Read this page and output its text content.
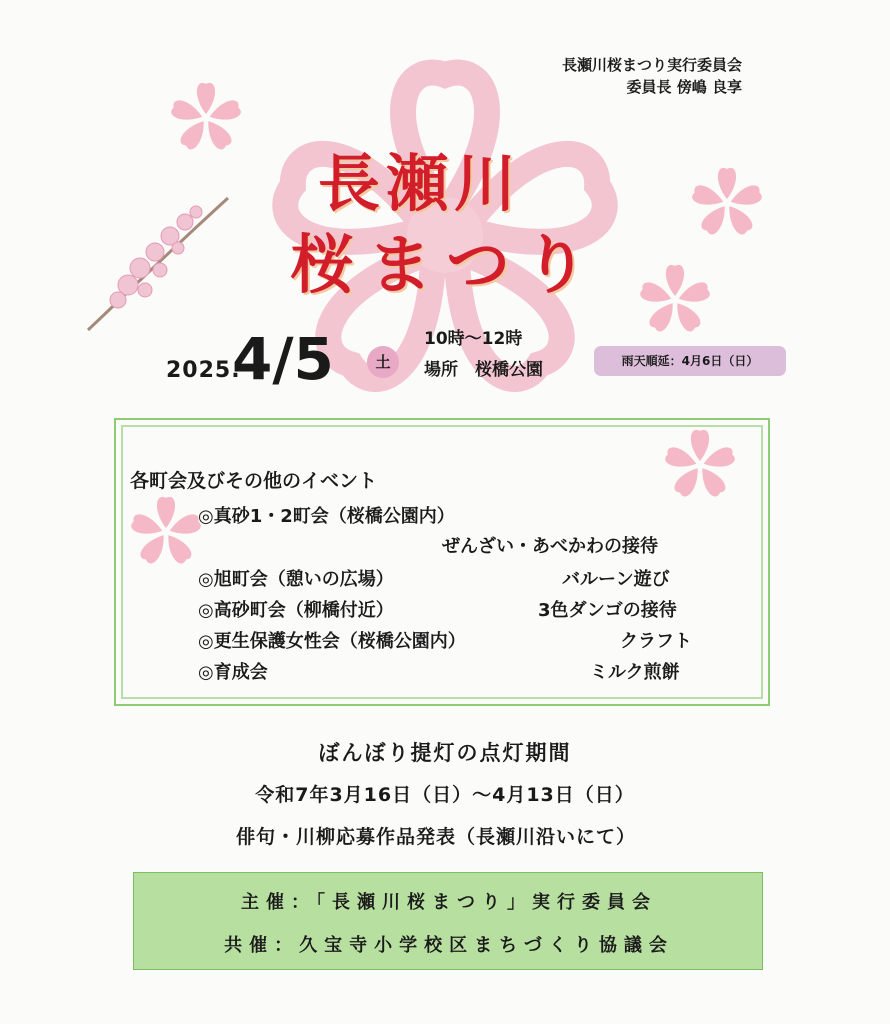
長瀬川桜まつり実行委員会
委員長 傍嶋 良享
長瀬川
桜まつり
2025.
4/5	土
10時～12時
場所　桜橋公園	雨天順延：4月6日（日）
各町会及びその他のイベント
◎真砂1・2町会（桜橋公園内）
ぜんざい・あべかわの接待
◎旭町会（憩いの広場）	バルーン遊び
◎高砂町会（柳橋付近）	3色ダンゴの接待
◎更生保護女性会（桜橋公園内）	クラフト
◎育成会	ミルク煎餅
ぼんぼり提灯の点灯期間
令和7年3月16日（日）～4月13日（日）
俳句・川柳応募作品発表（長瀬川沿いにて）
主催：「長瀬川桜まつり」実行委員会
共催：久宝寺小学校区まちづくり協議会
